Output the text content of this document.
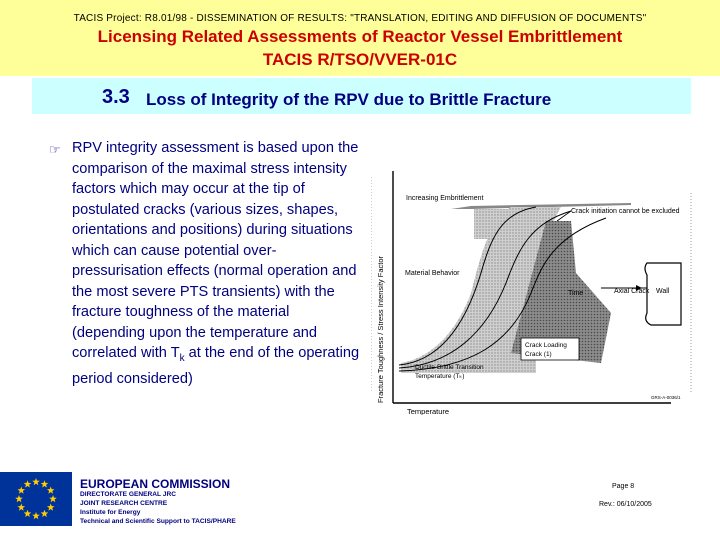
TACIS Project: R8.01/98 - DISSEMINATION OF RESULTS: "TRANSLATION, EDITING AND DIFFUSION OF DOCUMENTS"
Licensing Related Assessments of Reactor Vessel Embrittlement
TACIS R/TSO/VVER-01C
3.3 Loss of Integrity of the RPV due to Brittle Fracture
☞ RPV integrity assessment is based upon the comparison of the maximal stress intensity factors which may occur at the tip of postulated cracks (various sizes, shapes, orientations and positions) during situations which can cause potential over-pressurisation effects (normal operation and the most severe PTS transients) with the fracture toughness of the material (depending upon the temperature and correlated with $T_k$ at the end of the operating period considered)	Fracture Toughness / Stress Intensity Factor
Increasing Embrittlement
Crack initiation cannot be excluded
Material Behavior
Time	Axial Crack Wall
Crack Loading
Crack (1)
Ductile-Brittle Transition
Temperature (Tₖ)
Temperature
GRS-A-0036/1
EUROPEAN COMMISSION
DIRECTORATE GENERAL JRC
JOINT RESEARCH CENTRE
Institute for Energy
Technical and Scientific Support to TACIS/PHARE
Page 8
Rev.: 06/10/2005
